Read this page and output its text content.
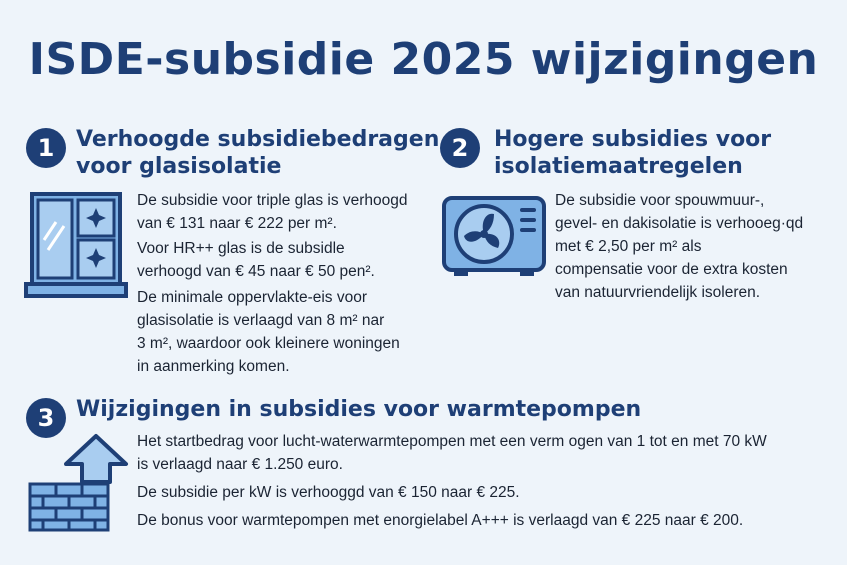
ISDE-subsidie 2025 wijzigingen
1 Verhoogde subsidiebedragen
voor glasisolatie

De subsidie voor triple glas is verhoogd
van € 131 naar € 222 per m².

Voor HR++ glas is de subsidle
verhoogd van € 45 naar € 50 pen².

De minimale oppervlakte-eis voor
glasisolatie is verlaagd van 8 m² nar
3 m², waardoor ook kleinere woningen
in aanmerking komen.

2	Hogere subsidies voor
isolatiemaatregelen

De subsidie voor spouwmuur-,
gevel- en dakisolatie is verhooeg·qd
met € 2,50 per m² als
compensatie voor de extra kosten
van natuurvriendelijk isoleren.

3 Wijzigingen in subsidies voor warmtepompen

Het startbedrag voor lucht-waterwarmtepompen met een verm ogen van 1 tot en met 70 kW
is verlaagd naar € 1.250 euro.

De subsidie per kW is verhooggd van € 150 naar € 225.

De bonus voor warmtepompen met enorgielabel A+++ is verlaagd van € 225 naar € 200.
